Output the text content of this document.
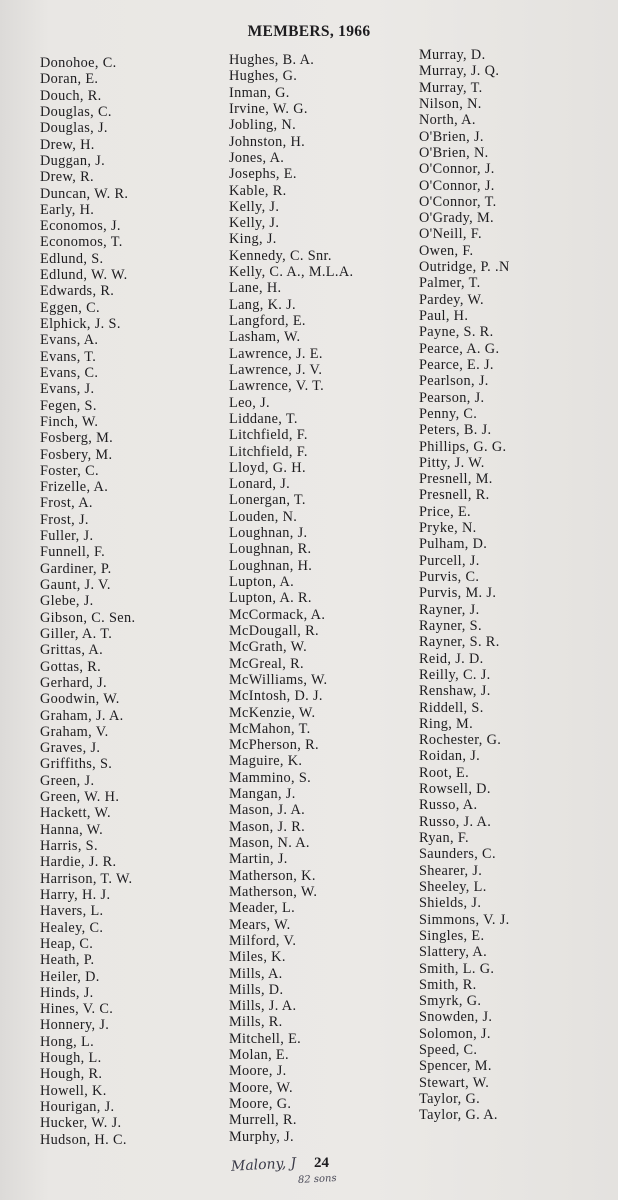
MEMBERS, 1966
Donohoe, C.
Doran, E.
Douch, R.
Douglas, C.
Douglas, J.
Drew, H.
Duggan, J.
Drew, R.
Duncan, W. R.
Early, H.
Economos, J.
Economos, T.
Edlund, S.
Edlund, W. W.
Edwards, R.
Eggen, C.
Elphick, J. S.
Evans, A.
Evans, T.
Evans, C.
Evans, J.
Fegen, S.
Finch, W.
Fosberg, M.
Fosbery, M.
Foster, C.
Frizelle, A.
Frost, A.
Frost, J.
Fuller, J.
Funnell, F.
Gardiner, P.
Gaunt, J. V.
Glebe, J.
Gibson, C. Sen.
Giller, A. T.
Grittas, A.
Gottas, R.
Gerhard, J.
Goodwin, W.
Graham, J. A.
Graham, V.
Graves, J.
Griffiths, S.
Green, J.
Green, W. H.
Hackett, W.
Hanna, W.
Harris, S.
Hardie, J. R.
Harrison, T. W.
Harry, H. J.
Havers, L.
Healey, C.
Heap, C.
Heath, P.
Heiler, D.
Hinds, J.
Hines, V. C.
Honnery, J.
Hong, L.
Hough, L.
Hough, R.
Howell, K.
Hourigan, J.
Hucker, W. J.
Hudson, H. C.
Hughes, B. A.
Hughes, G.
Inman, G.
Irvine, W. G.
Jobling, N.
Johnston, H.
Jones, A.
Josephs, E.
Kable, R.
Kelly, J.
Kelly, J.
King, J.
Kennedy, C. Snr.
Kelly, C. A., M.L.A.
Lane, H.
Lang, K. J.
Langford, E.
Lasham, W.
Lawrence, J. E.
Lawrence, J. V.
Lawrence, V. T.
Leo, J.
Liddane, T.
Litchfield, F.
Litchfield, F.
Lloyd, G. H.
Lonard, J.
Lonergan, T.
Louden, N.
Loughnan, J.
Loughnan, R.
Loughnan, H.
Lupton, A.
Lupton, A. R.
McCormack, A.
McDougall, R.
McGrath, W.
McGreal, R.
McWilliams, W.
McIntosh, D. J.
McKenzie, W.
McMahon, T.
McPherson, R.
Maguire, K.
Mammino, S.
Mangan, J.
Mason, J. A.
Mason, J. R.
Mason, N. A.
Martin, J.
Matherson, K.
Matherson, W.
Meader, L.
Mears, W.
Milford, V.
Miles, K.
Mills, A.
Mills, D.
Mills, J. A.
Mills, R.
Mitchell, E.
Molan, E.
Moore, J.
Moore, W.
Moore, G.
Murrell, R.
Murphy, J.
Murray, D.
Murray, J. Q.
Murray, T.
Nilson, N.
North, A.
O'Brien, J.
O'Brien, N.
O'Connor, J.
O'Connor, J.
O'Connor, T.
O'Grady, M.
O'Neill, F.
Owen, F.
Outridge, P. .N
Palmer, T.
Pardey, W.
Paul, H.
Payne, S. R.
Pearce, A. G.
Pearce, E. J.
Pearlson, J.
Pearson, J.
Penny, C.
Peters, B. J.
Phillips, G. G.
Pitty, J. W.
Presnell, M.
Presnell, R.
Price, E.
Pryke, N.
Pulham, D.
Purcell, J.
Purvis, C.
Purvis, M. J.
Rayner, J.
Rayner, S.
Rayner, S. R.
Reid, J. D.
Reilly, C. J.
Renshaw, J.
Riddell, S.
Ring, M.
Rochester, G.
Roidan, J.
Root, E.
Rowsell, D.
Russo, A.
Russo, J. A.
Ryan, F.
Saunders, C.
Shearer, J.
Sheeley, L.
Shields, J.
Simmons, V. J.
Singles, E.
Slattery, A.
Smith, L. G.
Smith, R.
Smyrk, G.
Snowden, J.
Solomon, J.
Speed, C.
Spencer, M.
Stewart, W.
Taylor, G.
Taylor, G. A.
Malony, J 24
82 sons
